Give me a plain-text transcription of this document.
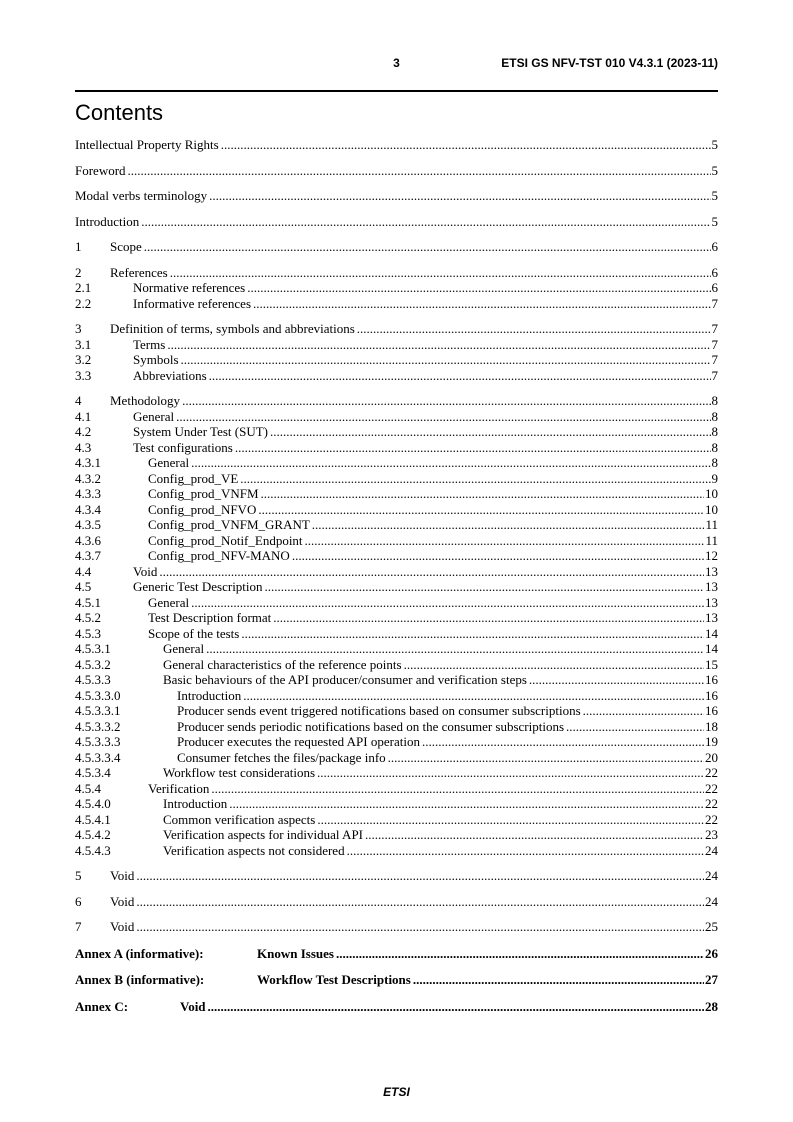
3	ETSI GS NFV-TST 010 V4.3.1 (2023-11)
Contents
Intellectual Property Rights .....	5
Foreword .....	5
Modal verbs terminology .....	5
Introduction .....	5
1	Scope .....	6
2	References .....	6
2.1	Normative references .....	6
2.2	Informative references .....	7
3	Definition of terms, symbols and abbreviations .....	7
3.1	Terms .....	7
3.2	Symbols .....	7
3.3	Abbreviations .....	7
4	Methodology .....	8
4.1	General .....	8
4.2	System Under Test (SUT) .....	8
4.3	Test configurations .....	8
4.3.1	General .....	8
4.3.2	Config_prod_VE .....	9
4.3.3	Config_prod_VNFM .....	10
4.3.4	Config_prod_NFVO .....	10
4.3.5	Config_prod_VNFM_GRANT .....	11
4.3.6	Config_prod_Notif_Endpoint .....	11
4.3.7	Config_prod_NFV-MANO .....	12
4.4	Void .....	13
4.5	Generic Test Description .....	13
4.5.1	General .....	13
4.5.2	Test Description format .....	13
4.5.3	Scope of the tests .....	14
4.5.3.1	General .....	14
4.5.3.2	General characteristics of the reference points .....	15
4.5.3.3	Basic behaviours of the API producer/consumer and verification steps .....	16
4.5.3.3.0	Introduction .....	16
4.5.3.3.1	Producer sends event triggered notifications based on consumer subscriptions .....	16
4.5.3.3.2	Producer sends periodic notifications based on the consumer subscriptions .....	18
4.5.3.3.3	Producer executes the requested API operation .....	19
4.5.3.3.4	Consumer fetches the files/package info .....	20
4.5.3.4	Workflow test considerations .....	22
4.5.4	Verification .....	22
4.5.4.0	Introduction .....	22
4.5.4.1	Common verification aspects .....	22
4.5.4.2	Verification aspects for individual API .....	23
4.5.4.3	Verification aspects not considered .....	24
5	Void .....	24
6	Void .....	24
7	Void .....	25
Annex A (informative):	Known Issues .....	26
Annex B (informative):	Workflow Test Descriptions .....	27
Annex C:	Void .....	28
ETSI
